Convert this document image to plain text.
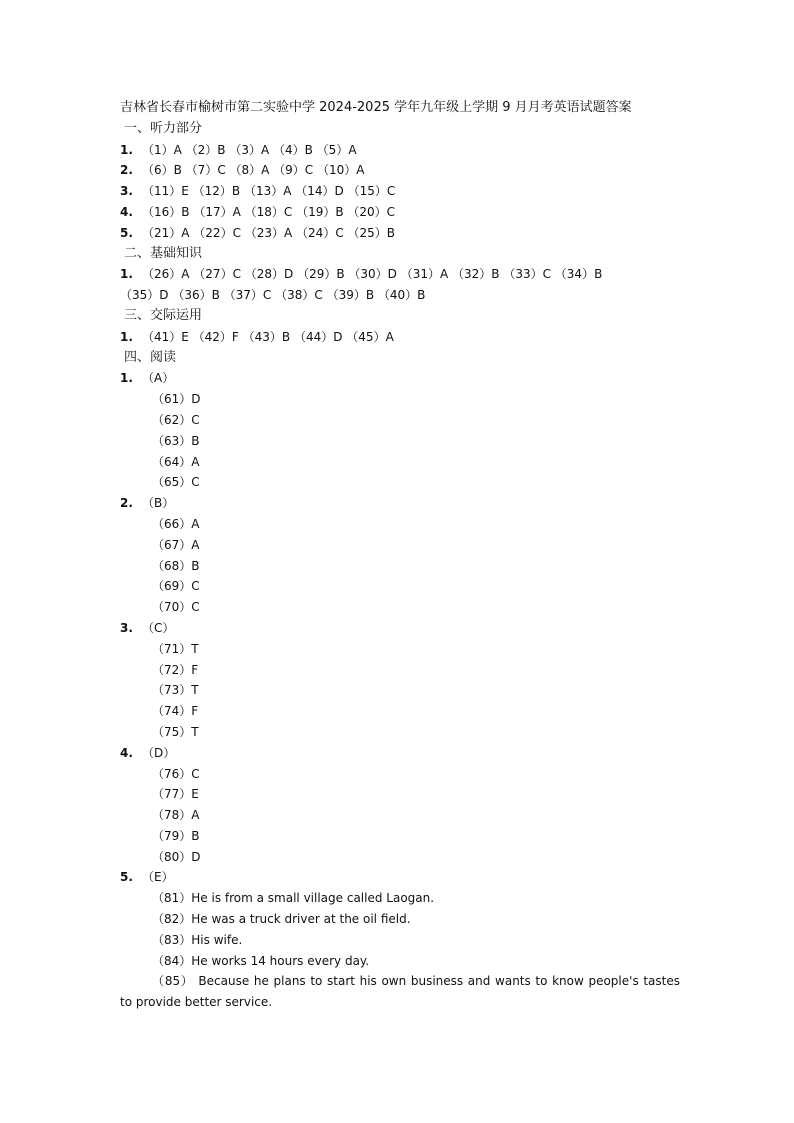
吉林省长春市榆树市第二实验中学 2024-2025 学年九年级上学期 9 月月考英语试题答案
一、听力部分
1. （1）A （2）B （3）A （4）B （5）A
2. （6）B （7）C （8）A （9）C （10）A
3. （11）E （12）B （13）A （14）D （15）C
4. （16）B （17）A （18）C （19）B （20）C
5. （21）A （22）C （23）A （24）C （25）B
二、基础知识
1. （26）A （27）C （28）D （29）B （30）D （31）A （32）B （33）C （34）B
（35）D （36）B （37）C （38）C （39）B （40）B
三、交际运用
1. （41）E （42）F （43）B （44）D （45）A
四、阅读
1. （A）
（61）D
（62）C
（63）B
（64）A
（65）C
2. （B）
（66）A
（67）A
（68）B
（69）C
（70）C
3. （C）
（71）T
（72）F
（73）T
（74）F
（75）T
4. （D）
（76）C
（77）E
（78）A
（79）B
（80）D
5. （E）
（81）He is from a small village called Laogan.
（82）He was a truck driver at the oil field.
（83）His wife.
（84）He works 14 hours every day.
（85） Because he plans to start his own business and wants to know people's tastes to provide better service.
